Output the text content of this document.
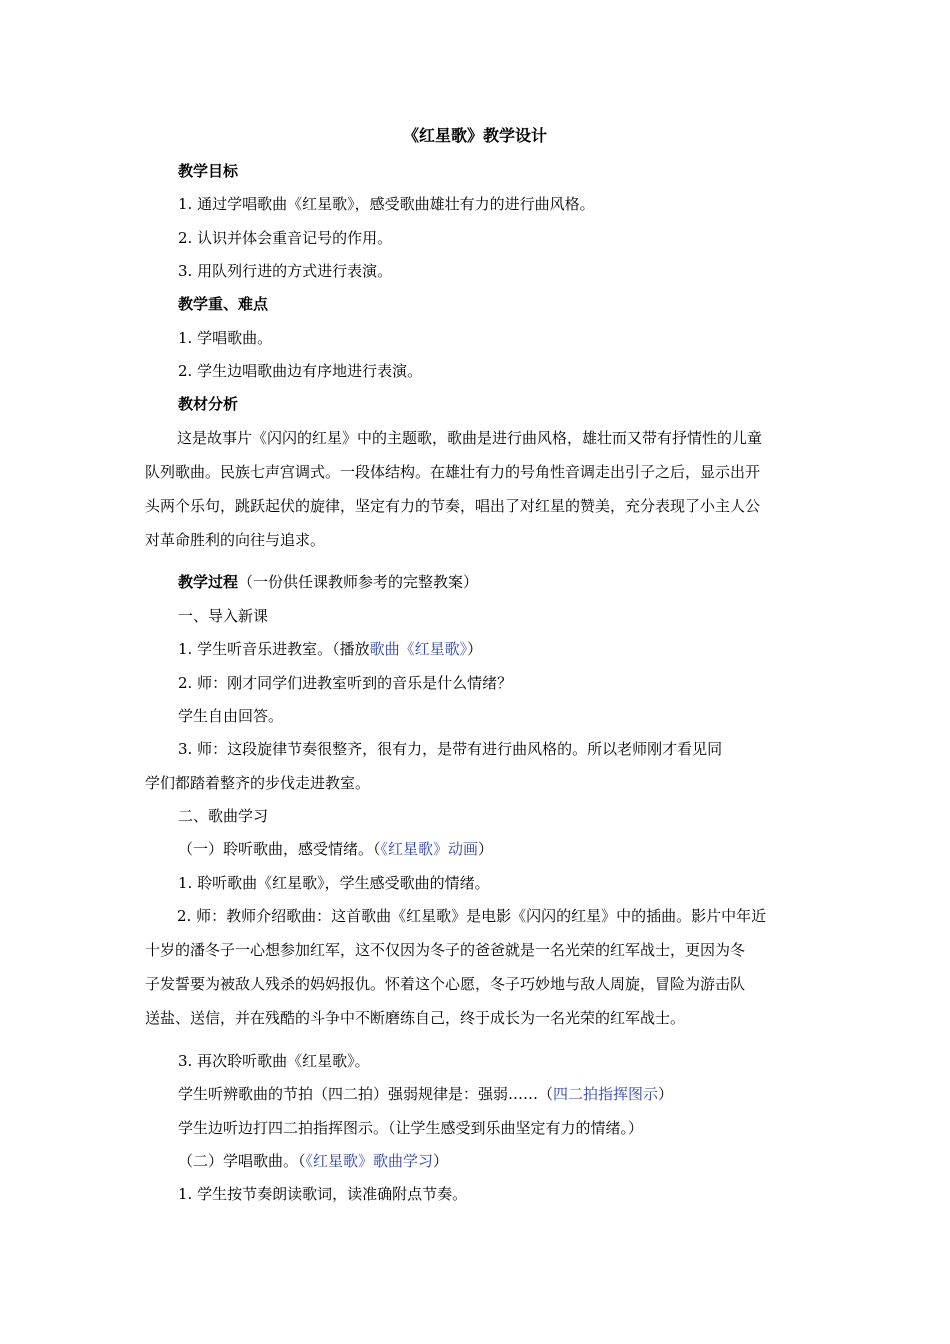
《红星歌》教学设计
教学目标
1. 通过学唱歌曲《红星歌》，感受歌曲雄壮有力的进行曲风格。
2. 认识并体会重音记号的作用。
3. 用队列行进的方式进行表演。
教学重、难点
1. 学唱歌曲。
2. 学生边唱歌曲边有序地进行表演。
教材分析
这是故事片《闪闪的红星》中的主题歌，歌曲是进行曲风格，雄壮而又带有抒情性的儿童
队列歌曲。民族七声宫调式。一段体结构。在雄壮有力的号角性音调走出引子之后，显示出开
头两个乐句，跳跃起伏的旋律，坚定有力的节奏，唱出了对红星的赞美，充分表现了小主人公
对革命胜利的向往与追求。
教学过程（一份供任课教师参考的完整教案）
一、导入新课
1. 学生听音乐进教室。（播放歌曲《红星歌》）
2. 师：刚才同学们进教室听到的音乐是什么情绪？
学生自由回答。
3. 师：这段旋律节奏很整齐，很有力，是带有进行曲风格的。所以老师刚才看见同
学们都踏着整齐的步伐走进教室。
二、歌曲学习
（一）聆听歌曲，感受情绪。（《红星歌》动画）
1. 聆听歌曲《红星歌》，学生感受歌曲的情绪。
2. 师：教师介绍歌曲：这首歌曲《红星歌》是电影《闪闪的红星》中的插曲。影片中年近
十岁的潘冬子一心想参加红军，这不仅因为冬子的爸爸就是一名光荣的红军战士，更因为冬
子发誓要为被敌人残杀的妈妈报仇。怀着这个心愿，冬子巧妙地与敌人周旋，冒险为游击队
送盐、送信，并在残酷的斗争中不断磨练自己，终于成长为一名光荣的红军战士。
3. 再次聆听歌曲《红星歌》。
学生听辨歌曲的节拍（四二拍）强弱规律是：强弱……（四二拍指挥图示）
学生边听边打四二拍指挥图示。（让学生感受到乐曲坚定有力的情绪。）
（二）学唱歌曲。（《红星歌》歌曲学习）
1. 学生按节奏朗读歌词，读准确附点节奏。
